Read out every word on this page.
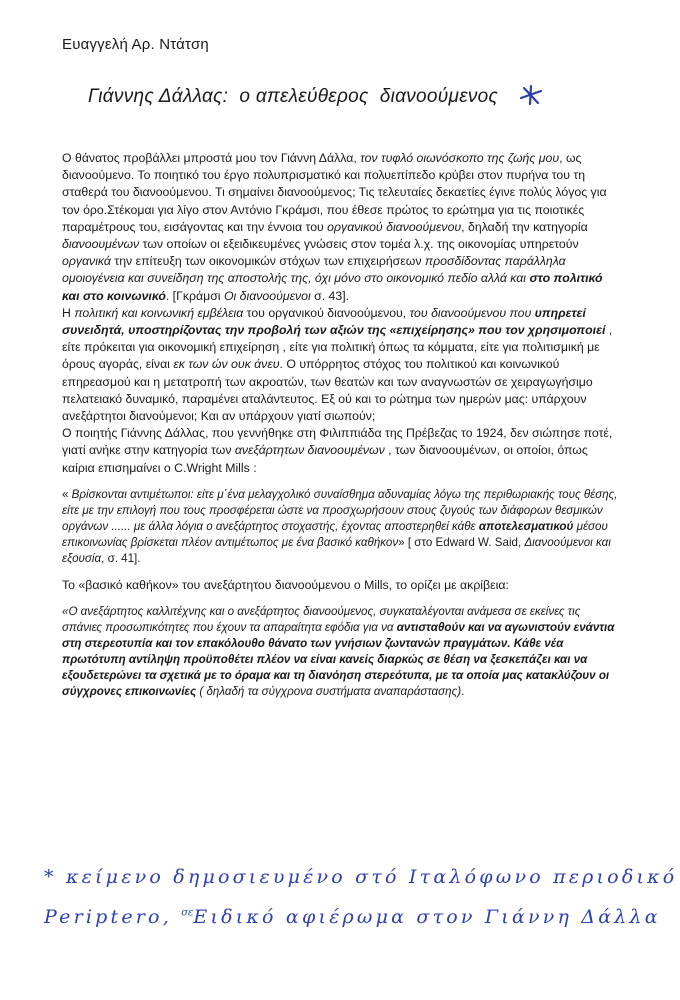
Ευαγγελή Αρ. Ντάτση
Γιάννης Δάλλας:  ο απελεύθερος  διανοούμενος

Ο θάνατος προβάλλει μπροστά μου τον Γιάννη Δάλλα, τον τυφλό οιωνόσκοπο της ζωής μου, ως διανοούμενο. Το ποιητικό του έργο πολυπρισματικό και πολυεπίπεδο κρύβει στον πυρήνα του τη σταθερά του διανοούμενου. Τι σημαίνει διανοούμενος; Τις τελευταίες δεκαετίες έγινε πολύς λόγος για τον όρο.Στέκομαι για λίγο στον Αντόνιο Γκράμσι, που έθεσε πρώτος το ερώτημα για τις ποιοτικές παραμέτρους του, εισάγοντας και την έννοια του οργανικού διανοούμενου, δηλαδή την κατηγορία διανοουμένων των οποίων οι εξειδικευμένες γνώσεις στον τομέα λ.χ. της οικονομίας υπηρετούν οργανικά την επίτευξη των οικονομικών στόχων των επιχειρήσεων προσδίδοντας παράλληλα ομοιογένεια και συνείδηση της αποστολής της, όχι μόνο στο οικονομικό πεδίο αλλά και στο πολιτικό και στο κοινωνικό. [Γκράμσι Οι διανοούμενοι σ. 43].

Η πολιτική και κοινωνική εμβέλεια του οργανικού διανοούμενου, του διανοούμενου που υπηρετεί συνειδητά, υποστηρίζοντας την προβολή των αξιών της «επιχείρησης» που τον χρησιμοποιεί , είτε πρόκειται για οικονομική επιχείρηση , είτε για πολιτική όπως τα κόμματα, είτε για πολιτισμική με όρους αγοράς, είναι εκ των ών ουκ άνευ. Ο υπόρρητος στόχος του πολιτικού και κοινωνικού επηρεασμού και η μετατροπή των ακροατών, των θεατών και των αναγνωστών σε χειραγωγήσιμο πελατειακό δυναμικό, παραμένει αταλάντευτος. Εξ ού και το ρώτημα των ημερών μας: υπάρχουν ανεξάρτητοι διανούμενοι; Και αν υπάρχουν γιατί σιωπούν;

Ο ποιητής Γιάννης Δάλλας, που γεννήθηκε στη Φιλιππιάδα της Πρέβεζας το 1924, δεν σιώπησε ποτέ, γιατί ανήκε στην κατηγορία των ανεξάρτητων διανοουμένων , των διανοουμένων, οι οποίοι, όπως καίρια επισημαίνει ο C.Wright Mills :

« Βρίσκονται αντιμέτωποι: είτε μ΄ένα μελαγχολικό συναίσθημα αδυναμίας λόγω της περιθωριακής τους θέσης, είτε με την επιλογή που τους προσφέρεται ώστε να προσχωρήσουν στους ζυγούς των διάφορων θεσμικών οργάνων ...... με άλλα λόγια ο ανεξάρτητος στοχαστής, έχοντας αποστερηθεί κάθε αποτελεσματικού μέσου επικοινωνίας βρίσκεται πλέον αντιμέτωπος με ένα βασικό καθήκον» [ στο Edward W. Said, Διανοούμενοι και εξουσία, σ. 41].

Το «βασικό καθήκον» του ανεξάρτητου διανοούμενου ο Mills, το ορίζει με ακρίβεια:

«Ο ανεξάρτητος καλλιτέχνης και ο ανεξάρτητος διανοούμενος, συγκαταλέγονται ανάμεσα σε εκείνες τις σπάνιες προσωπικότητες που έχουν τα απαραίτητα εφόδια για να αντισταθούν και να αγωνιστούν ενάντια στη στερεοτυπία και τον επακόλουθο θάνατο των γνήσιων ζωντανών πραγμάτων. Κάθε νέα πρωτότυπη αντίληψη προϋποθέτει πλέον να είναι κανείς διαρκώς σε θέση να ξεσκεπάζει και να εξουδετερώνει τα σχετικά με το όραμα και τη διανόηση στερεότυπα, με τα οποία μας κατακλύζουν οι σύγχρονες επικοινωνίες ( δηλαδή τα σύγχρονα συστήματα αναπαράστασης).

* κείμενο δημοσιευμένο στό Ιταλόφωνο περιοδικό
Periptero, $^{\sigma\varepsilon}$Ειδικό αφιέρωμα στον Γιάννη Δάλλα
